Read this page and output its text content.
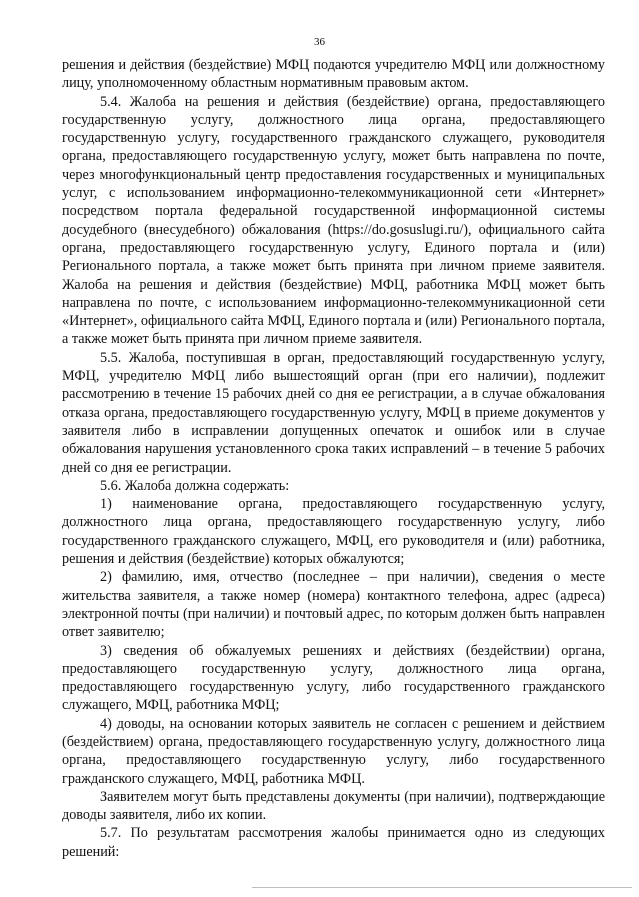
36

решения и действия (бездействие) МФЦ подаются учредителю МФЦ или должностному лицу, уполномоченному областным нормативным правовым актом.

5.4. Жалоба на решения и действия (бездействие) органа, предоставляющего государственную услугу, должностного лица органа, предоставляющего государственную услугу, государственного гражданского служащего, руководителя органа, предоставляющего государственную услугу, может быть направлена по почте, через многофункциональный центр предоставления государственных и муниципальных услуг, с использованием информационно-телекоммуникационной сети «Интернет» посредством портала федеральной государственной информационной системы досудебного (внесудебного) обжалования (https://do.gosuslugi.ru/), официального сайта органа, предоставляющего государственную услугу, Единого портала и (или) Регионального портала, а также может быть принята при личном приеме заявителя. Жалоба на решения и действия (бездействие) МФЦ, работника МФЦ может быть направлена по почте, с использованием информационно-телекоммуникационной сети «Интернет», официального сайта МФЦ, Единого портала и (или) Регионального портала, а также может быть принята при личном приеме заявителя.

5.5. Жалоба, поступившая в орган, предоставляющий государственную услугу, МФЦ, учредителю МФЦ либо вышестоящий орган (при его наличии), подлежит рассмотрению в течение 15 рабочих дней со дня ее регистрации, а в случае обжалования отказа органа, предоставляющего государственную услугу, МФЦ в приеме документов у заявителя либо в исправлении допущенных опечаток и ошибок или в случае обжалования нарушения установленного срока таких исправлений – в течение 5 рабочих дней со дня ее регистрации.

5.6. Жалоба должна содержать:

1) наименование органа, предоставляющего государственную услугу, должностного лица органа, предоставляющего государственную услугу, либо государственного гражданского служащего, МФЦ, его руководителя и (или) работника, решения и действия (бездействие) которых обжалуются;

2) фамилию, имя, отчество (последнее – при наличии), сведения о месте жительства заявителя, а также номер (номера) контактного телефона, адрес (адреса) электронной почты (при наличии) и почтовый адрес, по которым должен быть направлен ответ заявителю;

3) сведения об обжалуемых решениях и действиях (бездействии) органа, предоставляющего государственную услугу, должностного лица органа, предоставляющего государственную услугу, либо государственного гражданского служащего, МФЦ, работника МФЦ;

4) доводы, на основании которых заявитель не согласен с решением и действием (бездействием) органа, предоставляющего государственную услугу, должностного лица органа, предоставляющего государственную услугу, либо государственного гражданского служащего, МФЦ, работника МФЦ.

Заявителем могут быть представлены документы (при наличии), подтверждающие доводы заявителя, либо их копии.

5.7. По результатам рассмотрения жалобы принимается одно из следующих решений:
